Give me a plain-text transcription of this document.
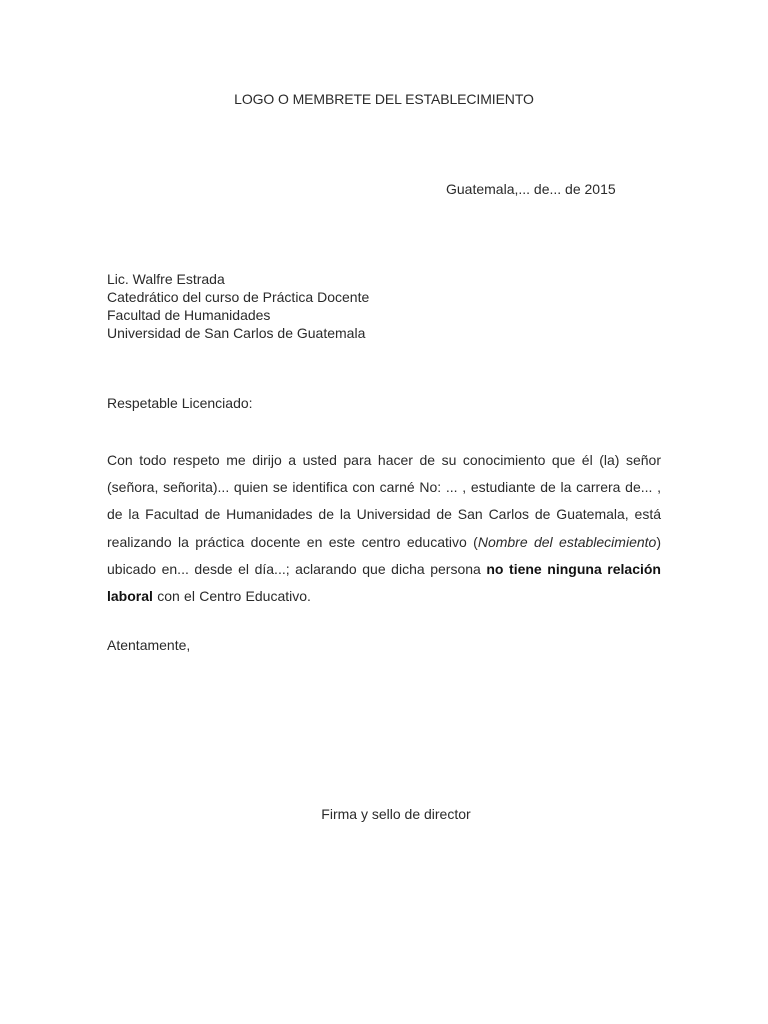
LOGO O MEMBRETE DEL ESTABLECIMIENTO
Guatemala,... de... de 2015
Lic. Walfre Estrada
Catedrático del curso de Práctica Docente
Facultad de Humanidades
Universidad de San Carlos de Guatemala
Respetable Licenciado:
Con todo respeto me dirijo a usted para hacer de su conocimiento que él (la) señor (señora, señorita)... quien se identifica con carné No: ... , estudiante de la carrera de... , de la Facultad de Humanidades de la Universidad de San Carlos de Guatemala, está realizando la práctica docente en este centro educativo (Nombre del establecimiento) ubicado en... desde el día...; aclarando que dicha persona no tiene ninguna relación laboral con el Centro Educativo.
Atentamente,
Firma y sello de director
